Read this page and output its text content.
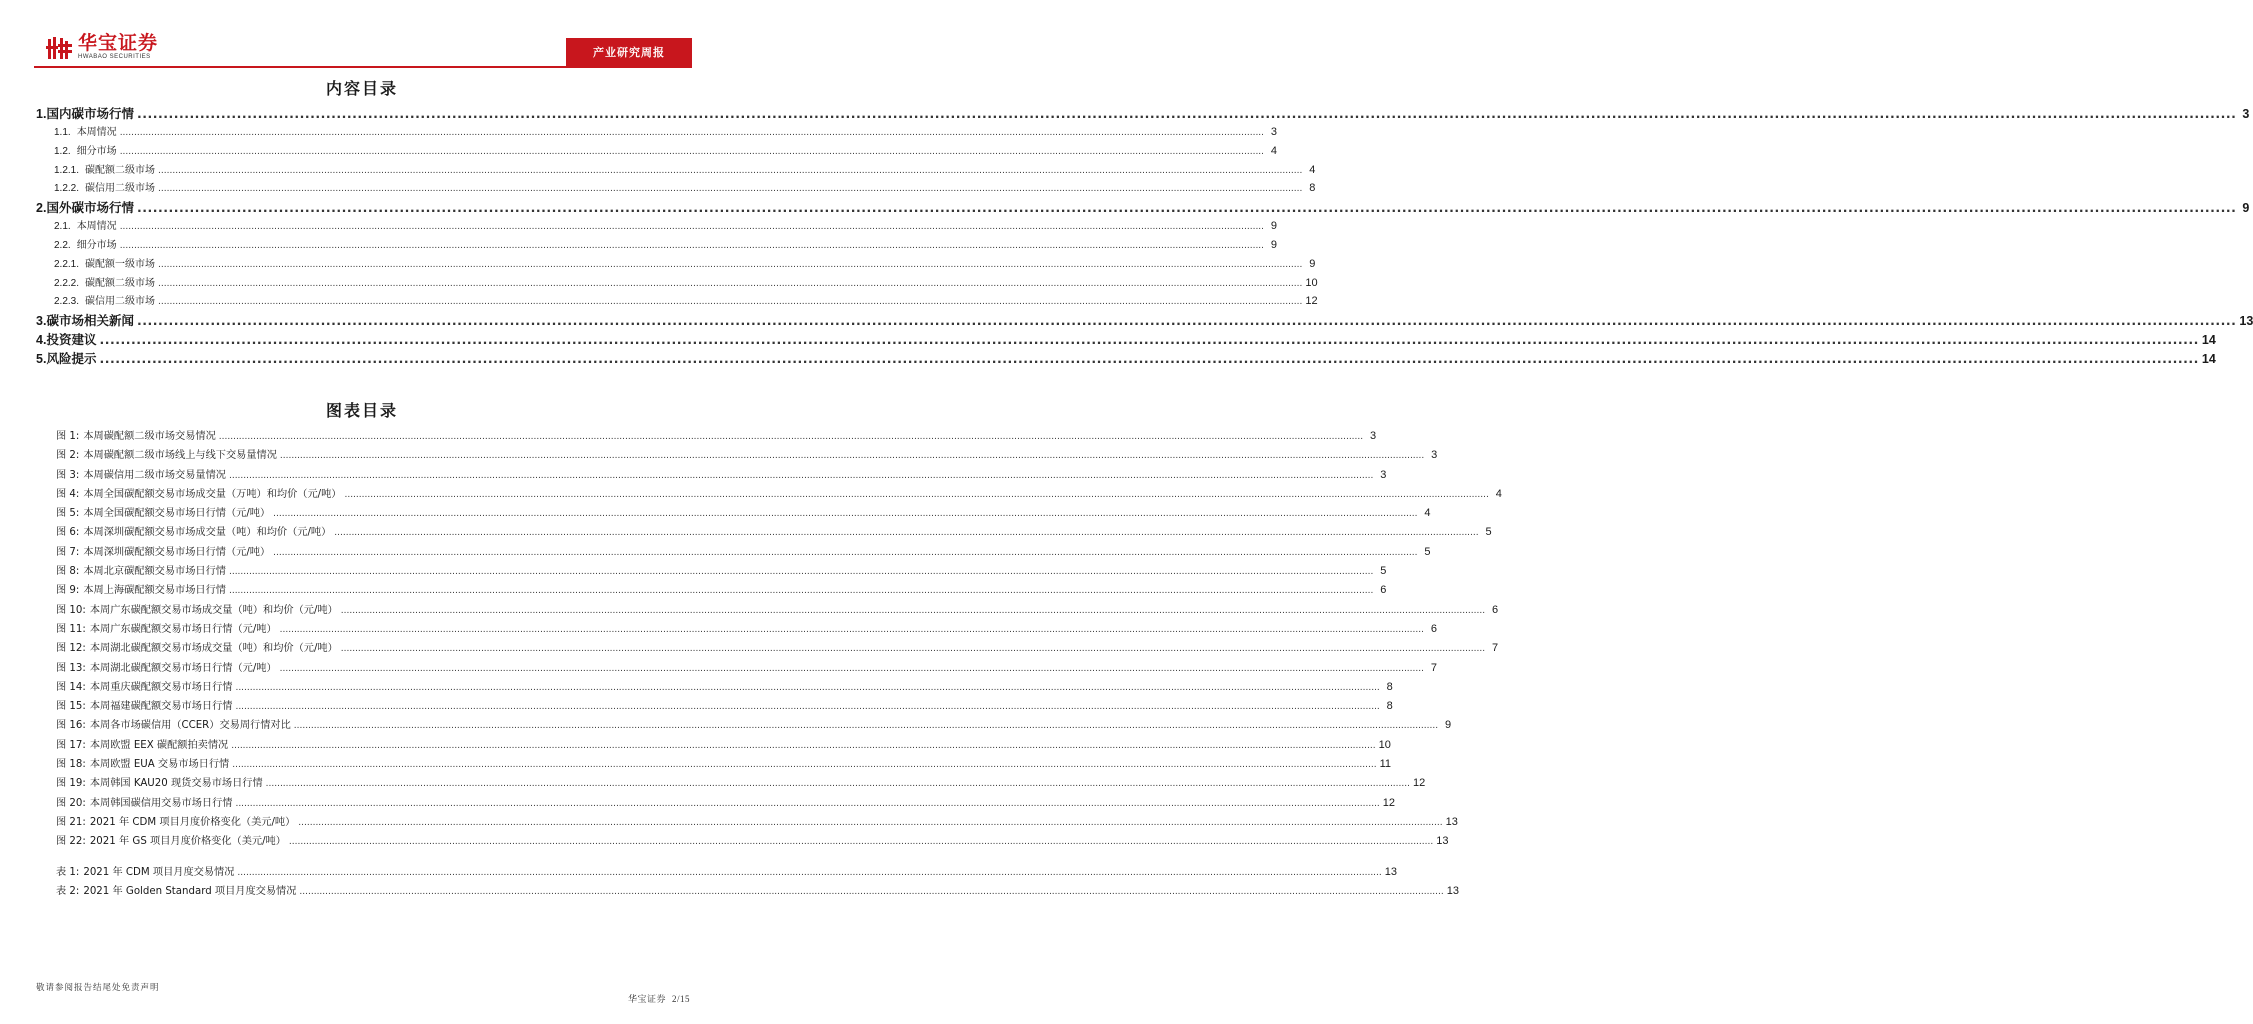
华宝证券
HWABAO SECURITIES	产业研究周报
内容目录
1. 国内碳市场行情 ................................................................................................................................................................................................................................................................................................................................................................................................................ 3
1.1. 本周情况 ................................................................................................................................................................................................................................................................................................................................................................................................................ 3
1.2. 细分市场 ................................................................................................................................................................................................................................................................................................................................................................................................................ 4
1.2.1. 碳配额二级市场 ................................................................................................................................................................................................................................................................................................................................................................................................................ 4
1.2.2. 碳信用二级市场 ................................................................................................................................................................................................................................................................................................................................................................................................................ 8
2. 国外碳市场行情 ................................................................................................................................................................................................................................................................................................................................................................................................................ 9
2.1. 本周情况 ................................................................................................................................................................................................................................................................................................................................................................................................................ 9
2.2. 细分市场 ................................................................................................................................................................................................................................................................................................................................................................................................................ 9
2.2.1. 碳配额一级市场 ................................................................................................................................................................................................................................................................................................................................................................................................................ 9
2.2.2. 碳配额二级市场 ................................................................................................................................................................................................................................................................................................................................................................................................................ 10
2.2.3. 碳信用二级市场 ................................................................................................................................................................................................................................................................................................................................................................................................................ 12
3. 碳市场相关新闻 ................................................................................................................................................................................................................................................................................................................................................................................................................ 13
4. 投资建议 ................................................................................................................................................................................................................................................................................................................................................................................................................ 14
5. 风险提示 ................................................................................................................................................................................................................................................................................................................................................................................................................ 14
图表目录
图 1: 本周碳配额二级市场交易情况 ................................................................................................................................................................................................................................................................................................................................................................................................................ 3
图 2: 本周碳配额二级市场线上与线下交易量情况 ................................................................................................................................................................................................................................................................................................................................................................................................................ 3
图 3: 本周碳信用二级市场交易量情况 ................................................................................................................................................................................................................................................................................................................................................................................................................ 3
图 4: 本周全国碳配额交易市场成交量（万吨）和均价（元/吨） ................................................................................................................................................................................................................................................................................................................................................................................................................ 4
图 5: 本周全国碳配额交易市场日行情（元/吨） ................................................................................................................................................................................................................................................................................................................................................................................................................ 4
图 6: 本周深圳碳配额交易市场成交量（吨）和均价（元/吨） ................................................................................................................................................................................................................................................................................................................................................................................................................ 5
图 7: 本周深圳碳配额交易市场日行情（元/吨） ................................................................................................................................................................................................................................................................................................................................................................................................................ 5
图 8: 本周北京碳配额交易市场日行情 ................................................................................................................................................................................................................................................................................................................................................................................................................ 5
图 9: 本周上海碳配额交易市场日行情 ................................................................................................................................................................................................................................................................................................................................................................................................................ 6
图 10: 本周广东碳配额交易市场成交量（吨）和均价（元/吨） ................................................................................................................................................................................................................................................................................................................................................................................................................ 6
图 11: 本周广东碳配额交易市场日行情（元/吨） ................................................................................................................................................................................................................................................................................................................................................................................................................ 6
图 12: 本周湖北碳配额交易市场成交量（吨）和均价（元/吨） ................................................................................................................................................................................................................................................................................................................................................................................................................ 7
图 13: 本周湖北碳配额交易市场日行情（元/吨） ................................................................................................................................................................................................................................................................................................................................................................................................................ 7
图 14: 本周重庆碳配额交易市场日行情 ................................................................................................................................................................................................................................................................................................................................................................................................................ 8
图 15: 本周福建碳配额交易市场日行情 ................................................................................................................................................................................................................................................................................................................................................................................................................ 8
图 16: 本周各市场碳信用（CCER）交易周行情对比 ................................................................................................................................................................................................................................................................................................................................................................................................................ 9
图 17: 本周欧盟 EEX 碳配额拍卖情况 ................................................................................................................................................................................................................................................................................................................................................................................................................ 10
图 18: 本周欧盟 EUA 交易市场日行情 ................................................................................................................................................................................................................................................................................................................................................................................................................ 11
图 19: 本周韩国 KAU20 现货交易市场日行情 ................................................................................................................................................................................................................................................................................................................................................................................................................ 12
图 20: 本周韩国碳信用交易市场日行情 ................................................................................................................................................................................................................................................................................................................................................................................................................ 12
图 21: 2021 年 CDM 项目月度价格变化（美元/吨） ................................................................................................................................................................................................................................................................................................................................................................................................................ 13
图 22: 2021 年 GS 项目月度价格变化（美元/吨） ................................................................................................................................................................................................................................................................................................................................................................................................................ 13
表 1: 2021 年 CDM 项目月度交易情况 ................................................................................................................................................................................................................................................................................................................................................................................................................ 13
表 2: 2021 年 Golden Standard 项目月度交易情况 ................................................................................................................................................................................................................................................................................................................................................................................................................ 13
敬请参阅报告结尾处免责声明
华宝证券 2/15
